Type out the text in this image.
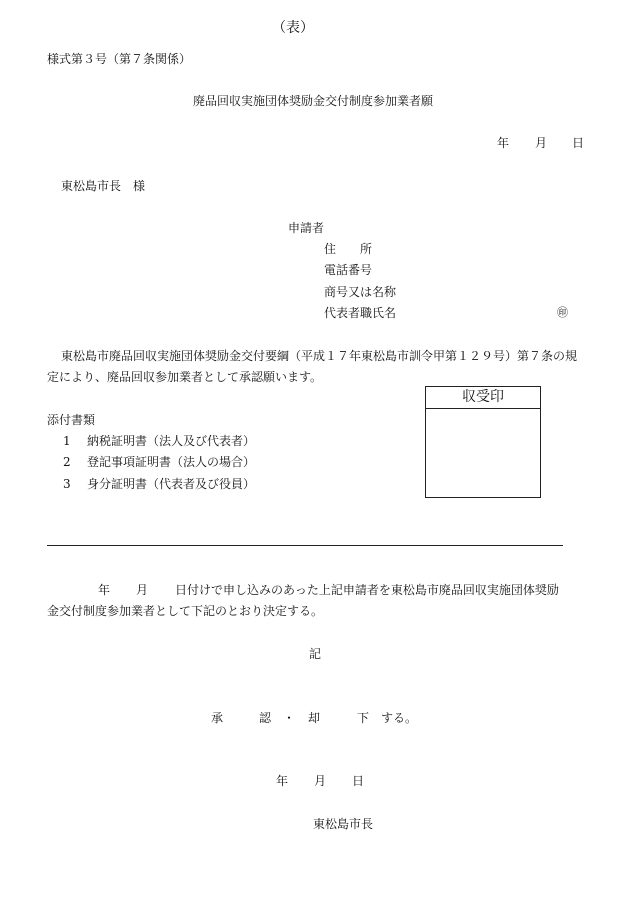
（表）
様式第３号（第７条関係）
廃品回収実施団体奨励金交付制度参加業者願
年 月 日
東松島市長　様
申請者
住　　所
電話番号
商号又は名称
代表者職氏名	㊞
東松島市廃品回収実施団体奨励金交付要綱（平成１７年東松島市訓令甲第１２９号）第７条の規
定により、廃品回収参加業者として承認願います。
添付書類
1 納税証明書（法人及び代表者）
2 登記事項証明書（法人の場合）
3 身分証明書（代表者及び役員）
収受印
年 月 日付けで申し込みのあった上記申請者を東松島市廃品回収実施団体奨励
金交付制度参加業者として下記のとおり決定する。
記
承	認 ・ 却	下 する。
年 月 日
東松島市長
